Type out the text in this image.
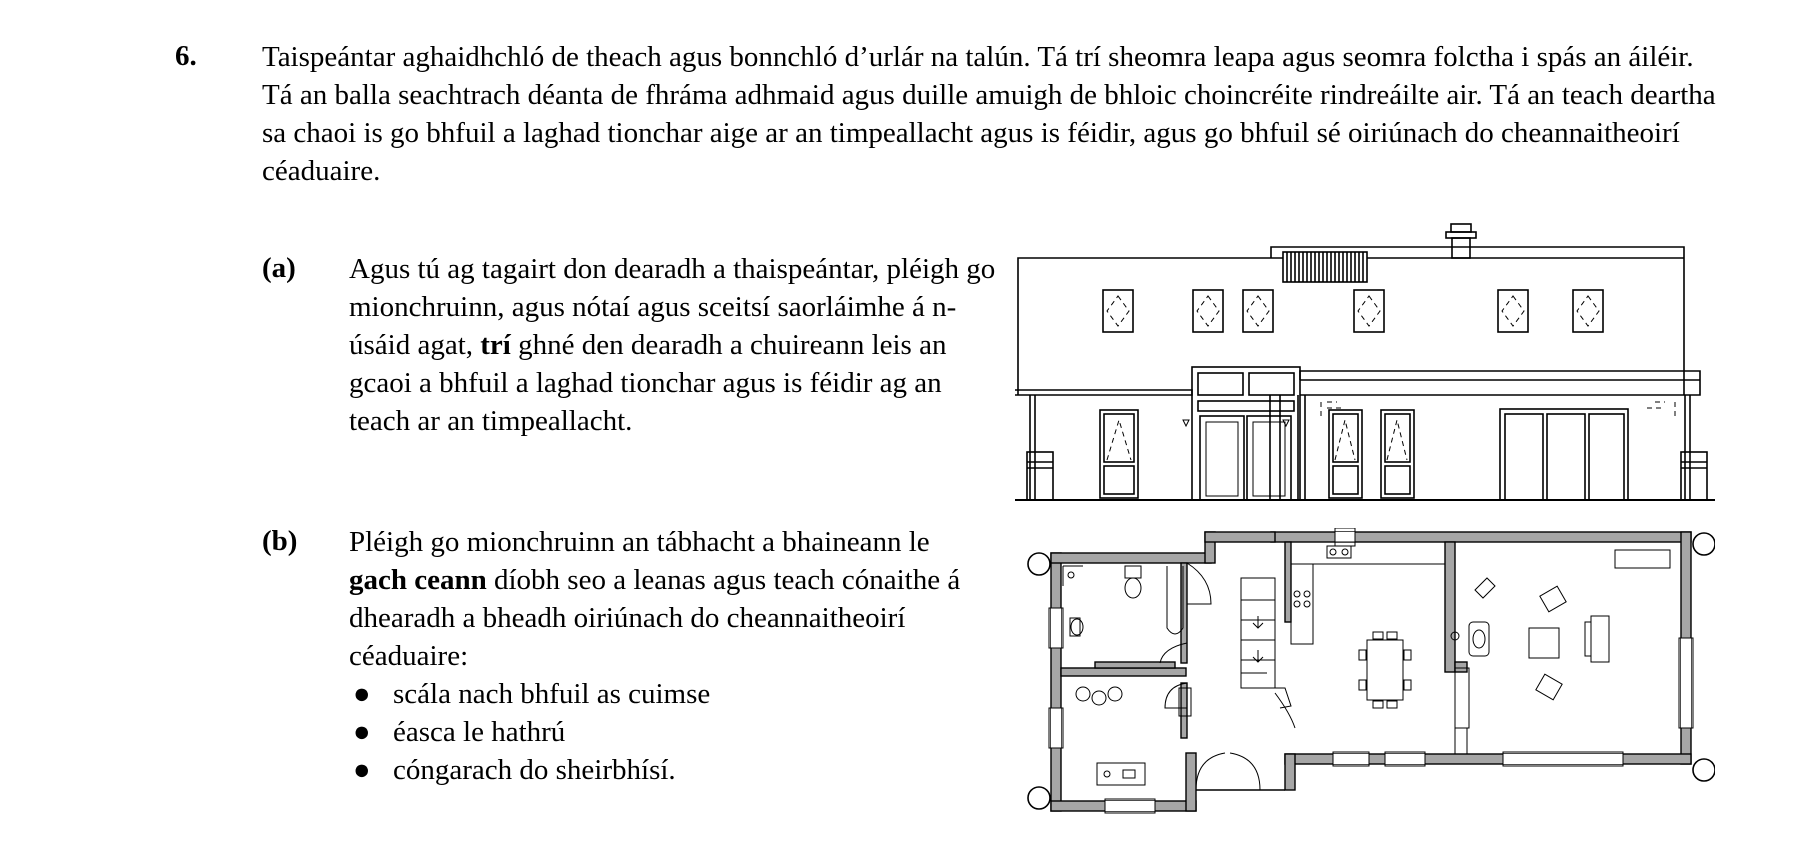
6. Taispeántar aghaidhchló de theach agus bonnchló d’urlár na talún. Tá trí sheomra leapa agus seomra folctha i spás an áiléir. Tá an balla seachtrach déanta de fhráma adhmaid agus duille amuigh de bhloic choincréite rindreáilte air. Tá an teach deartha sa chaoi is go bhfuil a laghad tionchar aige ar an timpeallacht agus is féidir, agus go bhfuil sé oiriúnach do cheannaitheoirí céaduaire.
(a) Agus tú ag tagairt don dearadh a thaispeántar, pléigh go mionchruinn, agus nótaí agus sceitsí saorláimhe á n-úsáid agat, trí ghné den dearadh a chuireann leis an gcaoi a bhfuil a laghad tionchar agus is féidir ag an teach ar an timpeallacht.
(b) Pléigh go mionchruinn an tábhacht a bhaineann le gach ceann díobh seo a leanas agus teach cónaithe á dhearadh a bheadh oiriúnach do cheannaitheoirí céaduaire:
● scála nach bhfuil as cuimse
● éasca le hathrú
● cóngarach do sheirbhísí.
